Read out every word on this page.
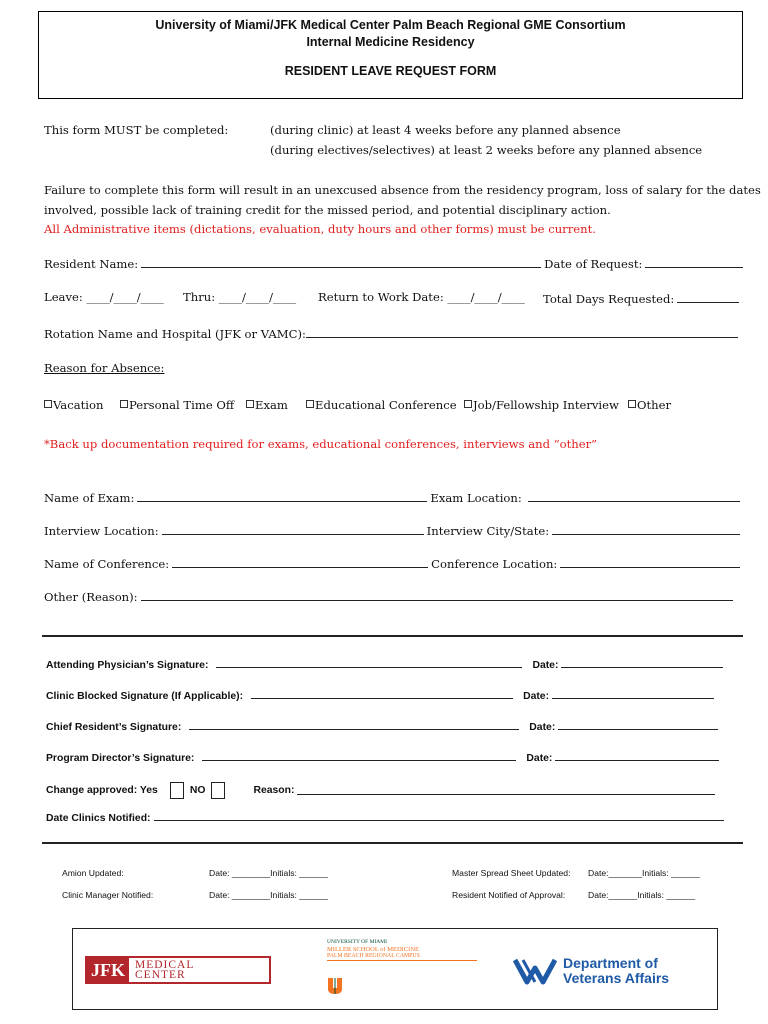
University of Miami/JFK Medical Center Palm Beach Regional GME Consortium
Internal Medicine Residency
RESIDENT LEAVE REQUEST FORM
This form MUST be completed:	(during clinic) at least 4 weeks before any planned absence
(during electives/selectives) at least 2 weeks before any planned absence
Failure to complete this form will result in an unexcused absence from the residency program, loss of salary for the dates
involved, possible lack of training credit for the missed period, and potential disciplinary action.
All Administrative items (dictations, evaluation, duty hours and other forms) must be current.
Resident Name:	Date of Request:
Leave: ____/____/____ Thru: ____/____/____ Return to Work Date: ____/____/____ Total Days Requested:
Rotation Name and Hospital (JFK or VAMC):
Reason for Absence:
Vacation	Personal Time Off	Exam	Educational Conference	Job/Fellowship Interview	Other
*Back up documentation required for exams, educational conferences, interviews and “other”
Name of Exam:	Exam Location:
Interview Location:	Interview City/State:
Name of Conference:	Conference Location:
Other (Reason):
Attending Physician’s Signature:	Date:
Clinic Blocked Signature (If Applicable):	Date:
Chief Resident’s Signature:	Date:
Program Director’s Signature:	Date:
Change approved: Yes	NO	Reason:
Date Clinics Notified:
Amion Updated:	Date: ________Initials: ______
Clinic Manager Notified:	Date: ________Initials: ______
Master Spread Sheet Updated: Date:_______Initials: ______
Resident Notified of Approval:	Date:______Initials: ______
JFK MEDICAL
CENTER
UNIVERSITY OF MIAMI
MILLER SCHOOL of MEDICINE
PALM BEACH REGIONAL CAMPUS	Department of
Veterans Affairs
